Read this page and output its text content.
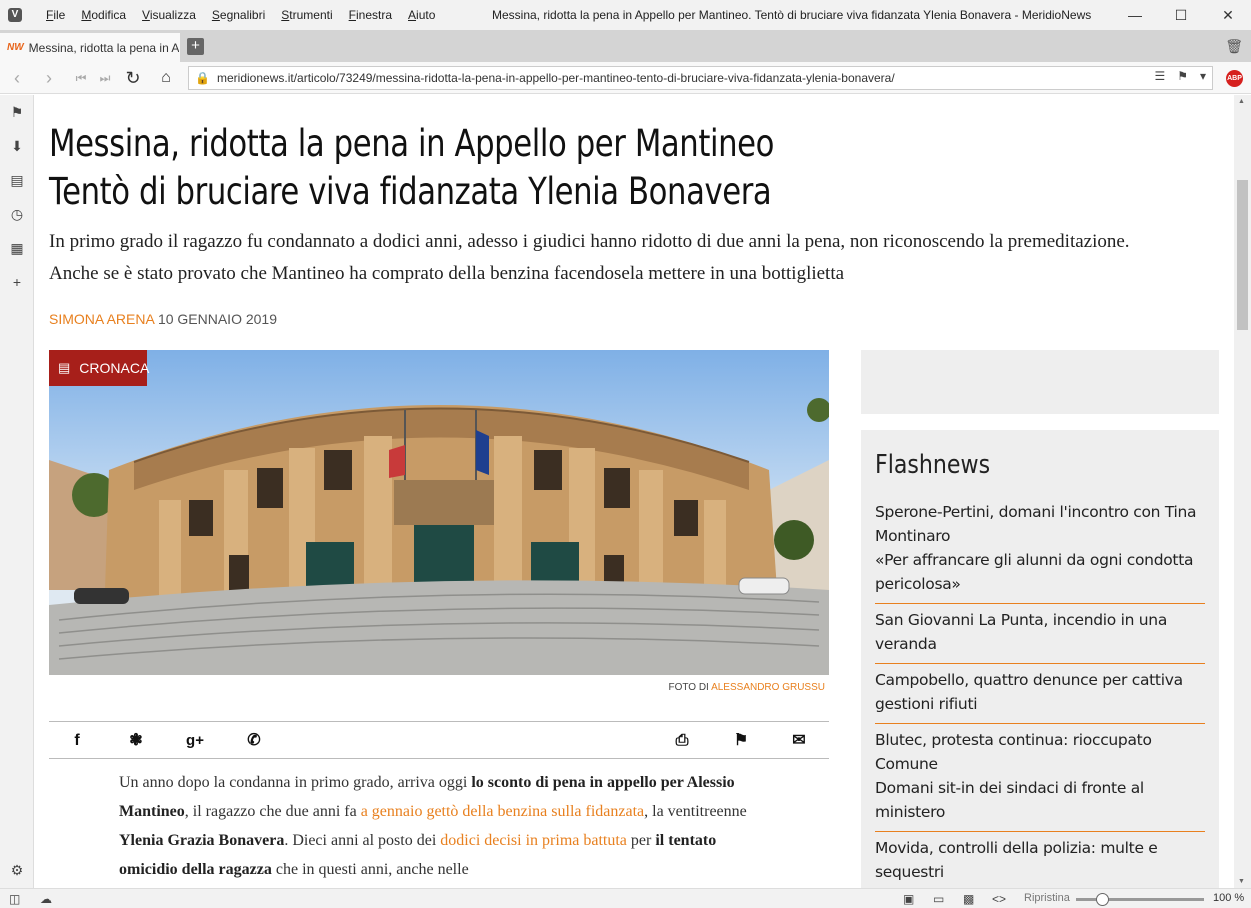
V	File	Modifica	Visualizza	Segnalibri	Strumenti	Finestra	Aiuto	Messina, ridotta la pena in Appello per Mantineo. Tentò di bruciare viva fidanzata Ylenia Bonavera - MeridioNews	—	☐	✕
NW Messina, ridotta la pena in A +	🗑
‹	›	⏮	⏭ ↻	⌂	🔒 meridionews.it/articolo/73249/messina-ridotta-la-pena-in-appello-per-mantineo-tento-di-bruciare-viva-fidanzata-ylenia-bonavera/	☰ ⚑ ▾	ABP
⚑
⬇
▤
◷
▦
+
⚙
Messina, ridotta la pena in Appello per Mantineo
Tentò di bruciare viva fidanzata Ylenia Bonavera

In primo grado il ragazzo fu condannato a dodici anni, adesso i giudici hanno ridotto di due anni la pena, non riconoscendo la premeditazione. Anche se è stato provato che Mantineo ha comprato della benzina facendosela mettere in una bottiglietta

SIMONA ARENA 10 GENNAIO 2019
▤ CRONACA
FOTO DI ALESSANDRO GRUSSU
f	❃	g+	✆	⎙	⚑	✉
Un anno dopo la condanna in primo grado, arriva oggi lo sconto di pena in appello per Alessio Mantineo, il ragazzo che due anni fa a gennaio gettò della benzina sulla fidanzata, la ventitreenne Ylenia Grazia Bonavera. Dieci anni al posto dei dodici decisi in prima battuta per il tentato omicidio della ragazza che in questi anni, anche nelle
Flashnews
Sperone-Pertini, domani l'incontro con Tina Montinaro
«Per affrancare gli alunni da ogni condotta pericolosa»
San Giovanni La Punta, incendio in una veranda
Campobello, quattro denunce per cattiva gestioni rifiuti
Blutec, protesta continua: rioccupato Comune
Domani sit-in dei sindaci di fronte al ministero
Movida, controlli della polizia: multe e sequestri
▲
▼
◫ ☁	▣ ▭ ▩ <> Ripristina	100 %
